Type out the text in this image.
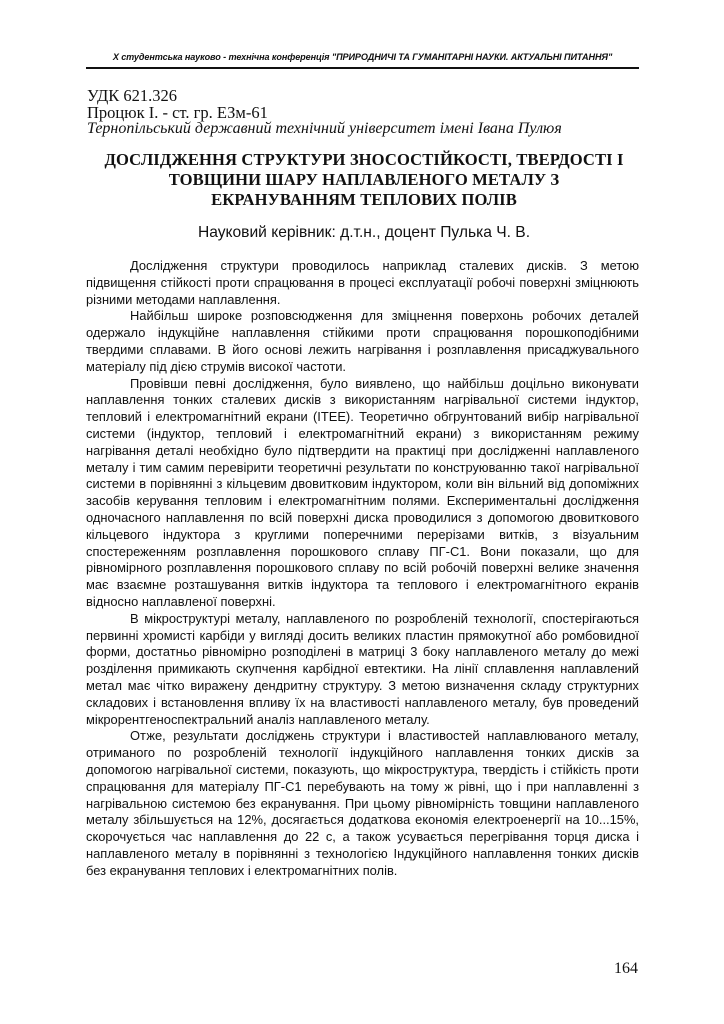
Х студентська науково - технічна конференція "ПРИРОДНИЧІ ТА ГУМАНІТАРНІ НАУКИ. АКТУАЛЬНІ ПИТАННЯ"
УДК 621.326
Процюк І. - ст. гр. ЕЗм-61
Тернопільський державний технічний університет імені Івана Пулюя
ДОСЛІДЖЕННЯ СТРУКТУРИ ЗНОСОСТІЙКОСТІ, ТВЕРДОСТІ І
ТОВЩИНИ ШАРУ НАПЛАВЛЕНОГО МЕТАЛУ З
ЕКРАНУВАННЯМ ТЕПЛОВИХ ПОЛІВ
Науковий керівник: д.т.н., доцент Пулька Ч. В.

Дослідження структури проводилось наприклад сталевих дисків. З метою підвищення стійкості проти спрацювання в процесі експлуатації робочі поверхні зміцнюють різними методами наплавлення.

Найбільш широке розповсюдження для зміцнення поверхонь робочих деталей одержало індукційне наплавлення стійкими проти спрацювання порошкоподібними твердими сплавами. В його основі лежить нагрівання і розплавлення присаджувального матеріалу під дією струмів високої частоти.

Провівши певні дослідження, було виявлено, що найбільш доцільно виконувати наплавлення тонких сталевих дисків з використанням нагрівальної системи індуктор, тепловий і електромагнітний екрани (ІТЕЕ). Теоретично обгрунтований вибір нагрівальної системи (індуктор, тепловий і електромагнітний екрани) з використанням режиму нагрівання деталі необхідно було підтвердити на практиці при дослідженні наплавленого металу і тим самим перевірити теоретичні результати по конструюванню такої нагрівальної системи в порівнянні з кільцевим двовитковим індуктором, коли він вільний від допоміжних засобів керування тепловим і електромагнітним полями. Експериментальні дослідження одночасного наплавлення по всій поверхні диска проводилися з допомогою двовиткового кільцевого індуктора з круглими поперечними перерізами витків, з візуальним спостереженням розплавлення порошкового сплаву ПГ-С1. Вони показали, що для рівномірного розплавлення порошкового сплаву по всій робочій поверхні велике значення має взаємне розташування витків індуктора та теплового і електромагнітного екранів відносно наплавленої поверхні.

В мікроструктурі металу, наплавленого по розробленій технології, спостерігаються первинні хромисті карбіди у вигляді досить великих пластин прямокутної або ромбовидної форми, достатньо рівномірно розподілені в матриці 3 боку наплавленого металу до межі розділення примикають скупчення карбідної евтектики. На лінії сплавлення наплавлений метал має чітко виражену дендритну структуру. З метою визначення складу структурних складових і встановлення впливу їх на властивості наплавленого металу, був проведений мікрорентгеноспектральний аналіз наплавленого металу.

Отже, результати досліджень структури і властивостей наплавлюваного металу, отриманого по розробленій технології індукційного наплавлення тонких дисків за допомогою нагрівальної системи, показують, що мікроструктура, твердість і стійкість проти спрацювання для матеріалу ПГ-С1 перебувають на тому ж рівні, що і при наплавленні з нагрівальною системою без екранування. При цьому рівномірність товщини наплавленого металу збільшується на 12%, досягається додаткова економія електроенергії на 10...15%, скорочується час наплавлення до 22 с, а також усувається перегрівання торця диска і наплавленого металу в порівнянні з технологією Індукційного наплавлення тонких дисків без екранування теплових і електромагнітних полів.

164
